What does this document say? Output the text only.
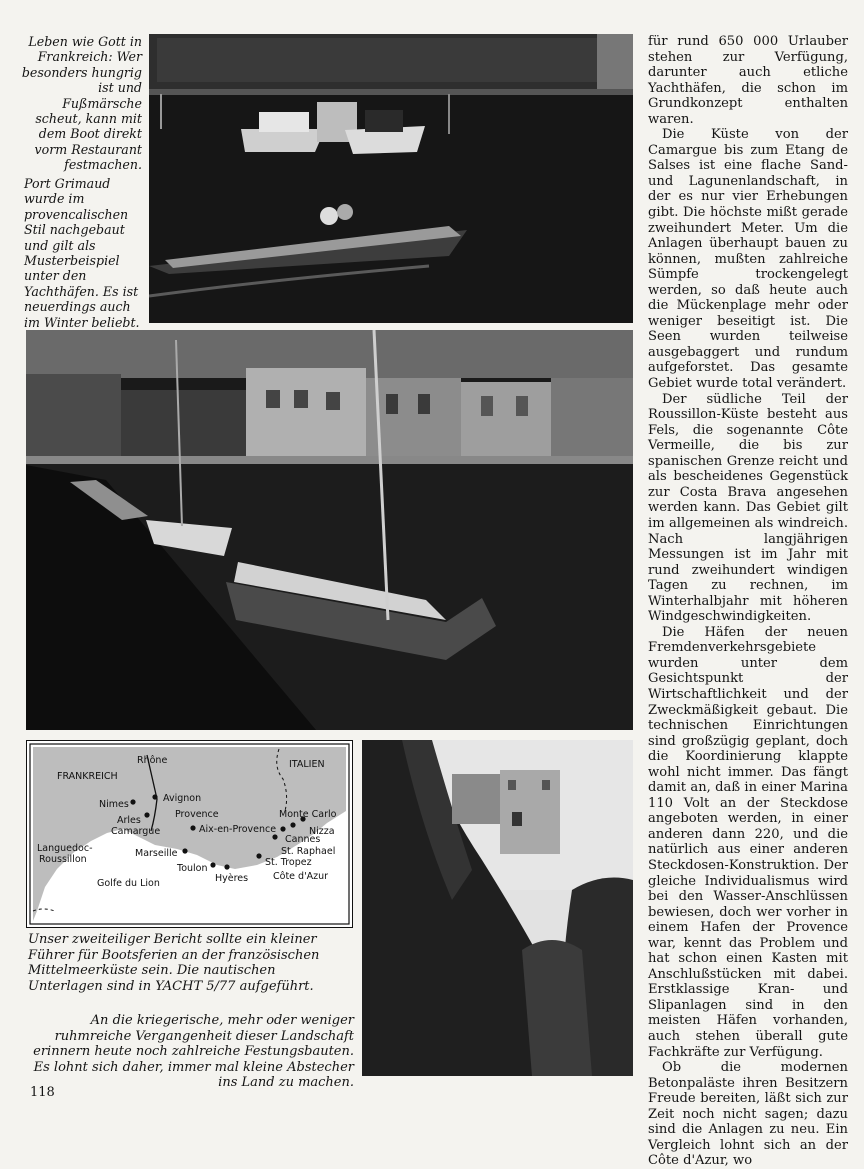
Leben wie Gott in Frankreich: Wer besonders hungrig ist und Fußmärsche scheut, kann mit dem Boot direkt vorm Restaurant festmachen.

Port Grimaud wurde im provencalischen Stil nachgebaut und gilt als Musterbeispiel unter den Yachthäfen. Es ist neuerdings auch im Winter beliebt.

FRANKREICH
ITALIEN
Rhône
Avignon
Nimes
Provence
Arles
Camargue	Aix-en-Provence
Languedoc-
Roussillon
Marseille
Toulon
Hyères
Monte Carlo
Nizza
Cannes
St. Raphael
St. Tropez
Côte d'Azur
Golfe du Lion

Unser zweiteiliger Bericht sollte ein kleiner Führer für Bootsferien an der französischen Mittelmeerküste sein. Die nautischen Unterlagen sind in YACHT 5/77 aufgeführt.

An die kriegerische, mehr oder weniger ruhmreiche Vergangenheit dieser Landschaft erinnern heute noch zahlreiche Festungsbauten. Es lohnt sich daher, immer mal kleine Abstecher ins Land zu machen.

für rund 650 000 Urlauber stehen zur Verfügung, darunter auch etliche Yachthäfen, die schon im Grundkonzept enthalten waren.

Die Küste von der Camargue bis zum Etang de Salses ist eine flache Sand- und Lagunenlandschaft, in der es nur vier Erhebungen gibt. Die höchste mißt gerade zweihundert Meter. Um die Anlagen überhaupt bauen zu können, mußten zahlreiche Sümpfe trockengelegt werden, so daß heute auch die Mückenplage mehr oder weniger beseitigt ist. Die Seen wurden teilweise ausgebaggert und rundum aufgeforstet. Das gesamte Gebiet wurde total verändert.

Der südliche Teil der Roussillon-Küste besteht aus Fels, die sogenannte Côte Vermeille, die bis zur spanischen Grenze reicht und als bescheidenes Gegenstück zur Costa Brava angesehen werden kann. Das Gebiet gilt im allgemeinen als windreich. Nach langjährigen Messungen ist im Jahr mit rund zweihundert windigen Tagen zu rechnen, im Winterhalbjahr mit höheren Windgeschwindigkeiten.

Die Häfen der neuen Fremdenverkehrsgebiete wurden unter dem Gesichtspunkt der Wirtschaftlichkeit und der Zweckmäßigkeit gebaut. Die technischen Einrichtungen sind großzügig geplant, doch die Koordinierung klappte wohl nicht immer. Das fängt damit an, daß in einer Marina 110 Volt an der Steckdose angeboten werden, in einer anderen dann 220, und die natürlich aus einer anderen Steckdosen-Konstruktion. Der gleiche Individualismus wird bei den Wasser-Anschlüssen bewiesen, doch wer vorher in einem Hafen der Provence war, kennt das Problem und hat schon einen Kasten mit Anschlußstücken mit dabei. Erstklassige Kran- und Slipanlagen sind in den meisten Häfen vorhanden, auch stehen überall gute Fachkräfte zur Verfügung.

Ob die modernen Betonpaläste ihren Besitzern Freude bereiten, läßt sich zur Zeit noch nicht sagen; dazu sind die Anlagen zu neu. Ein Vergleich lohnt sich an der Côte d'Azur, wo

118
